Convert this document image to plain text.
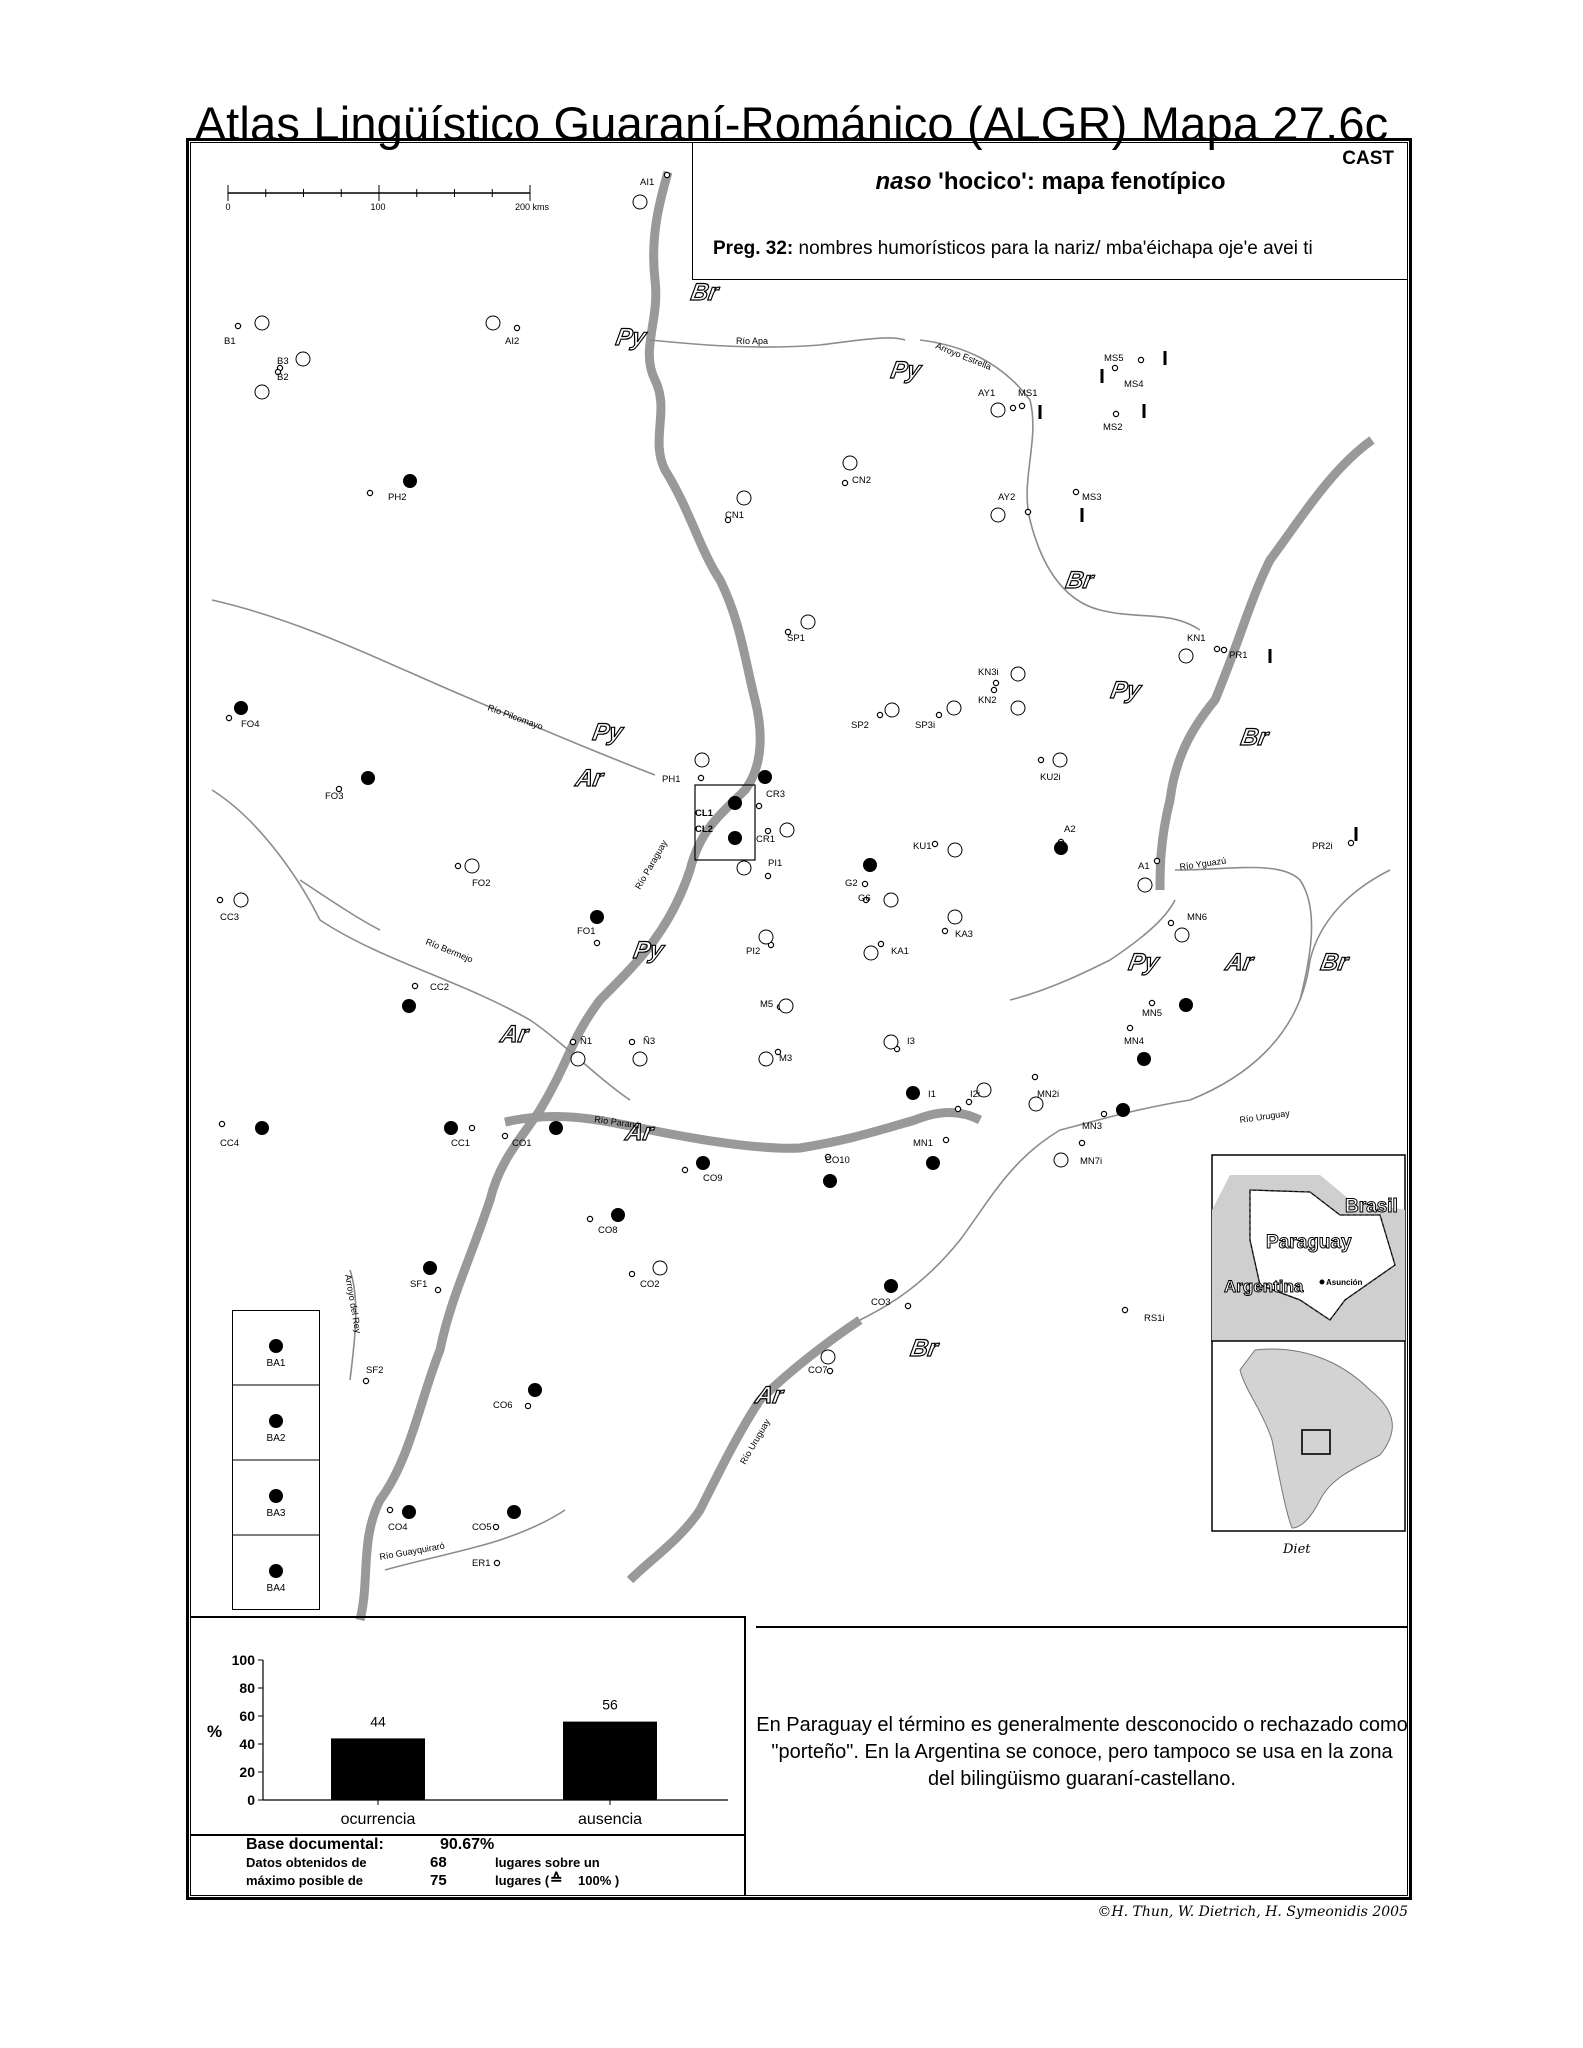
Atlas Lingüístico Guaraní-Románico (ALGR) Mapa 27.6c
0	100	200 kms
AI1
B1	AI2
B3
B2
PH2
CN1
CN2
AY1 MS1
MS5
MS4
MS2
AY2	MS3
SP1	KN1
PR1
KN3i
KN2
SP2	SP3i
FO4
FO3
PH1
CR3
CL1
CL2
CR1
KU2i
A2
PR2i
KU1
PI1
G2
G6
A1
FO2
CC3
FO1
MN6
KA3
PI2	KA1
CC2
M5
MN5
Ñ1	Ñ3
M3
I3	MN4
I1	I2i	MN2i
CC4	CC1	CO1
MN3
MN1
CO10	MN7i
CO9
CO8
SF1	CO2
CO3
RS1i
SF2	CO7
CO6
CO4	CO5
ER1
Br
Py
Py
Br
Py
Br
Py
Ar
Py	Py	Ar	Br
Ar
Ar
Br
Ar
Río Apa	Arroyo Estrella
Río Pilcomayo
Río Paraguay
Río Bermejo
Río Paraná
Río Yguazú
Río Uruguay
Arroyo del Rey
Río Uruguay
Río Guayquiraró
BA1
BA2
BA3
BA4
Brasil
Paraguay
Argentina	Asunción
100
80
60
40
20
0
%
44
ocurrencia
56
ausencia
CAST
naso 'hocico': mapa fenotípico
Preg. 32: nombres humorísticos para la nariz/ mba'éichapa oje'e avei ti
En Paraguay el término es generalmente desconocido o rechazado como "porteño". En la Argentina se conoce, pero tampoco se usa en la zona del bilingüismo guaraní-castellano.
Base documental:	90.67%
Datos obtenidos de	68	lugares sobre un
máximo posible de	75	lugares ( ≙ 100% )
©H. Thun, W. Dietrich, H. Symeonidis 2005
Diet
